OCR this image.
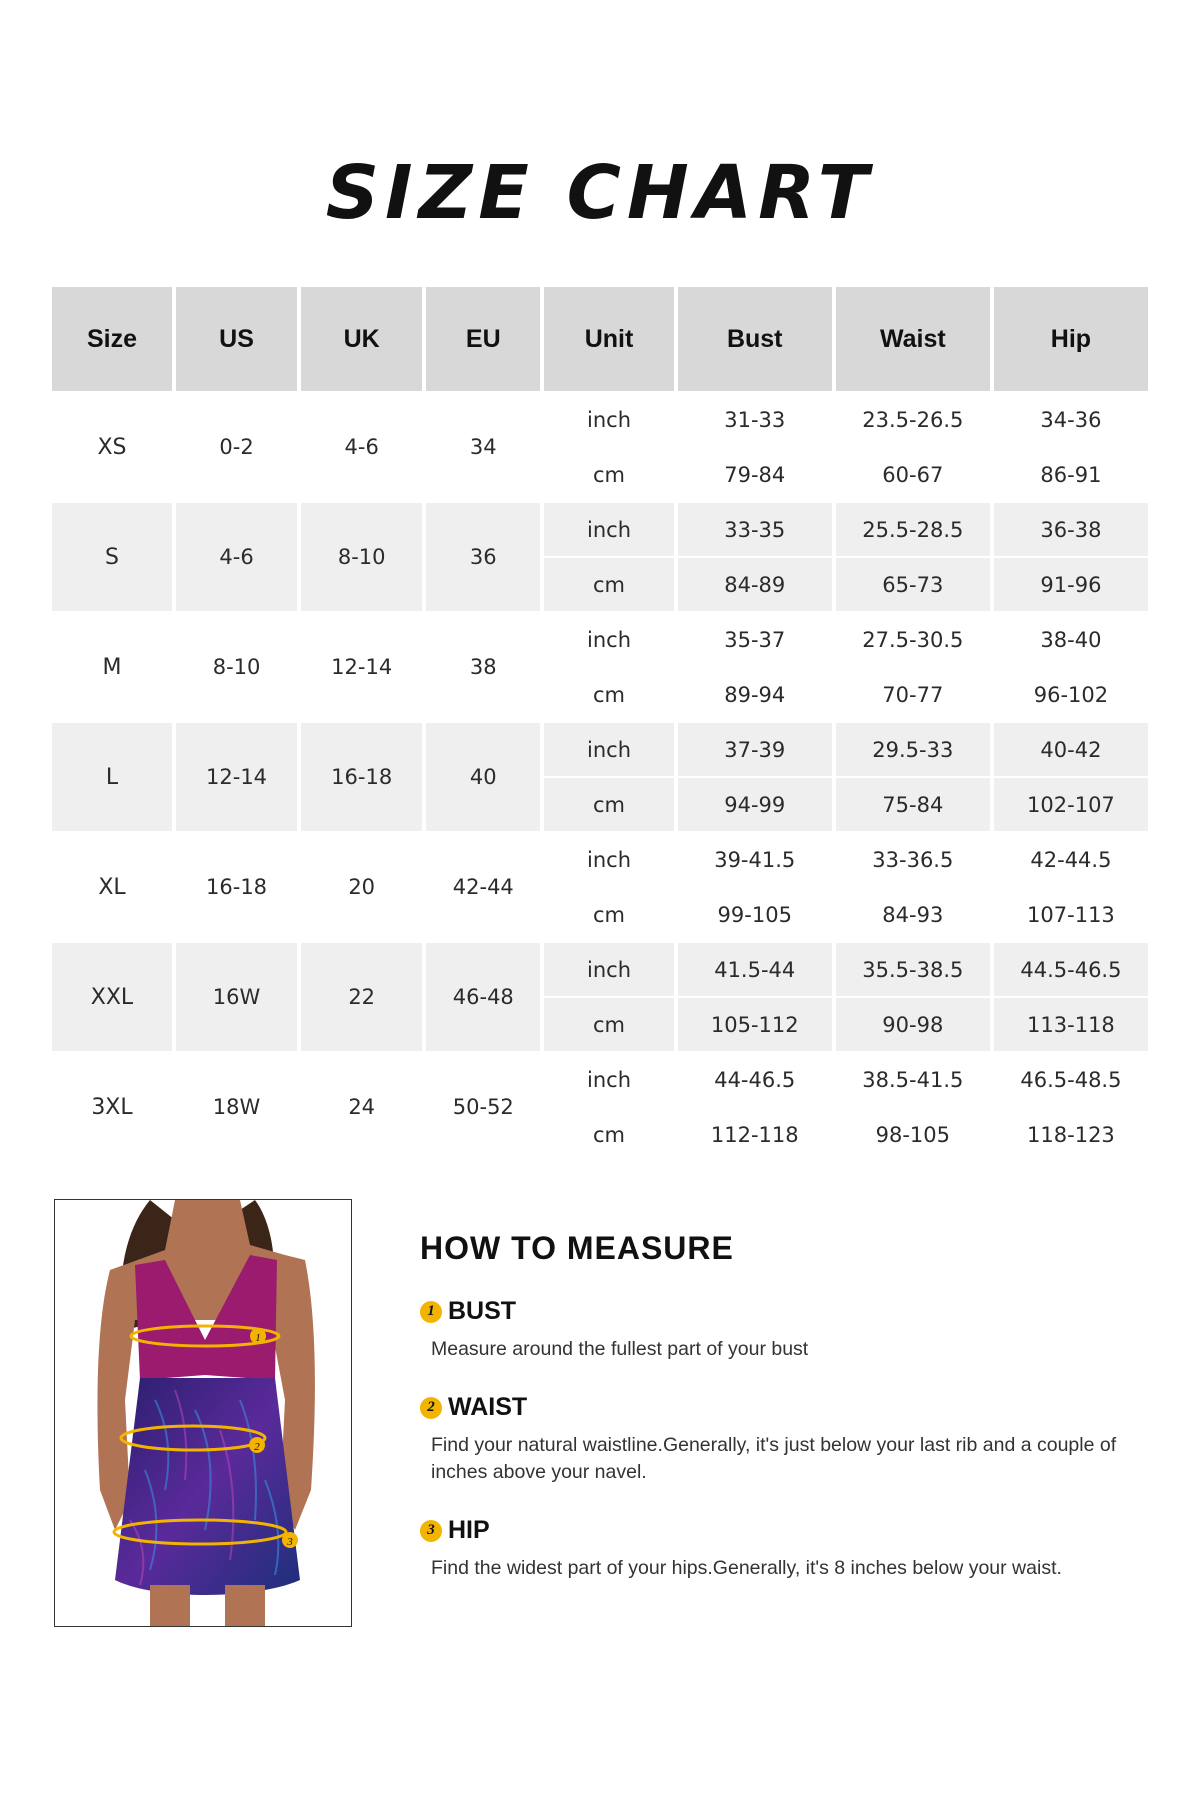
SIZE CHART
Size	US	UK	EU	Unit	Bust	Waist	Hip
XS	0-2	4-6	34	inch	31-33	23.5-26.5	34-36
				cm	79-84	60-67	86-91
S	4-6	8-10	36	inch	33-35	25.5-28.5	36-38
				cm	84-89	65-73	91-96
M	8-10	12-14	38	inch	35-37	27.5-30.5	38-40
				cm	89-94	70-77	96-102
L	12-14	16-18	40	inch	37-39	29.5-33	40-42
				cm	94-99	75-84	102-107
XL	16-18	20	42-44	inch	39-41.5	33-36.5	42-44.5
				cm	99-105	84-93	107-113
XXL	16W	22	46-48	inch	41.5-44	35.5-38.5	44.5-46.5
				cm	105-112	90-98	113-118
3XL	18W	24	50-52	inch	44-46.5	38.5-41.5	46.5-48.5
				cm	112-118	98-105	118-123
1
2
3
HOW TO MEASURE
1 BUST
Measure around the fullest part of your bust
2 WAIST
Find your natural waistline.Generally, it's just below your last rib and a couple of inches above your navel.
3 HIP
Find the widest part of your hips.Generally, it's 8 inches below your waist.
